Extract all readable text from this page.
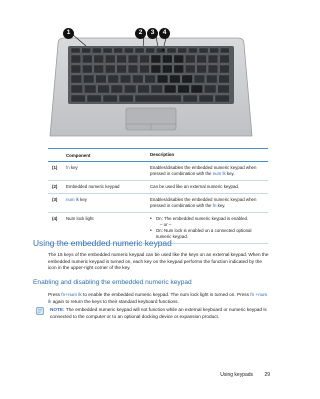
1	2	3	4
Component	Description
(1)	fn key	Enables/disables the embedded numeric keypad when pressed in combination with the num lk key.
(2)	Embedded numeric keypad	Can be used like an external numeric keypad.
(3)	num lk key	Enables/disables the embedded numeric keypad when pressed in combination with the fn key.
(4)	Num lock light	• On: The embedded numeric keypad is enabled.
– or –
• On: Num lock is enabled on a connected optional numeric keypad.
Using the embedded numeric keypad

The 15 keys of the embedded numeric keypad can be used like the keys on an external keypad. When the embedded numeric keypad is turned on, each key on the keypad performs the function indicated by the icon in the upper-right corner of the key.

Enabling and disabling the embedded numeric keypad

Press fn+num lk to enable the embedded numeric keypad. The num lock light is turned on. Press fn +num lk again to return the keys to their standard keyboard functions.

NOTE: The embedded numeric keypad will not function while an external keyboard or numeric keypad is connected to the computer or to an optional docking device or expansion product.
Using keypads 29
